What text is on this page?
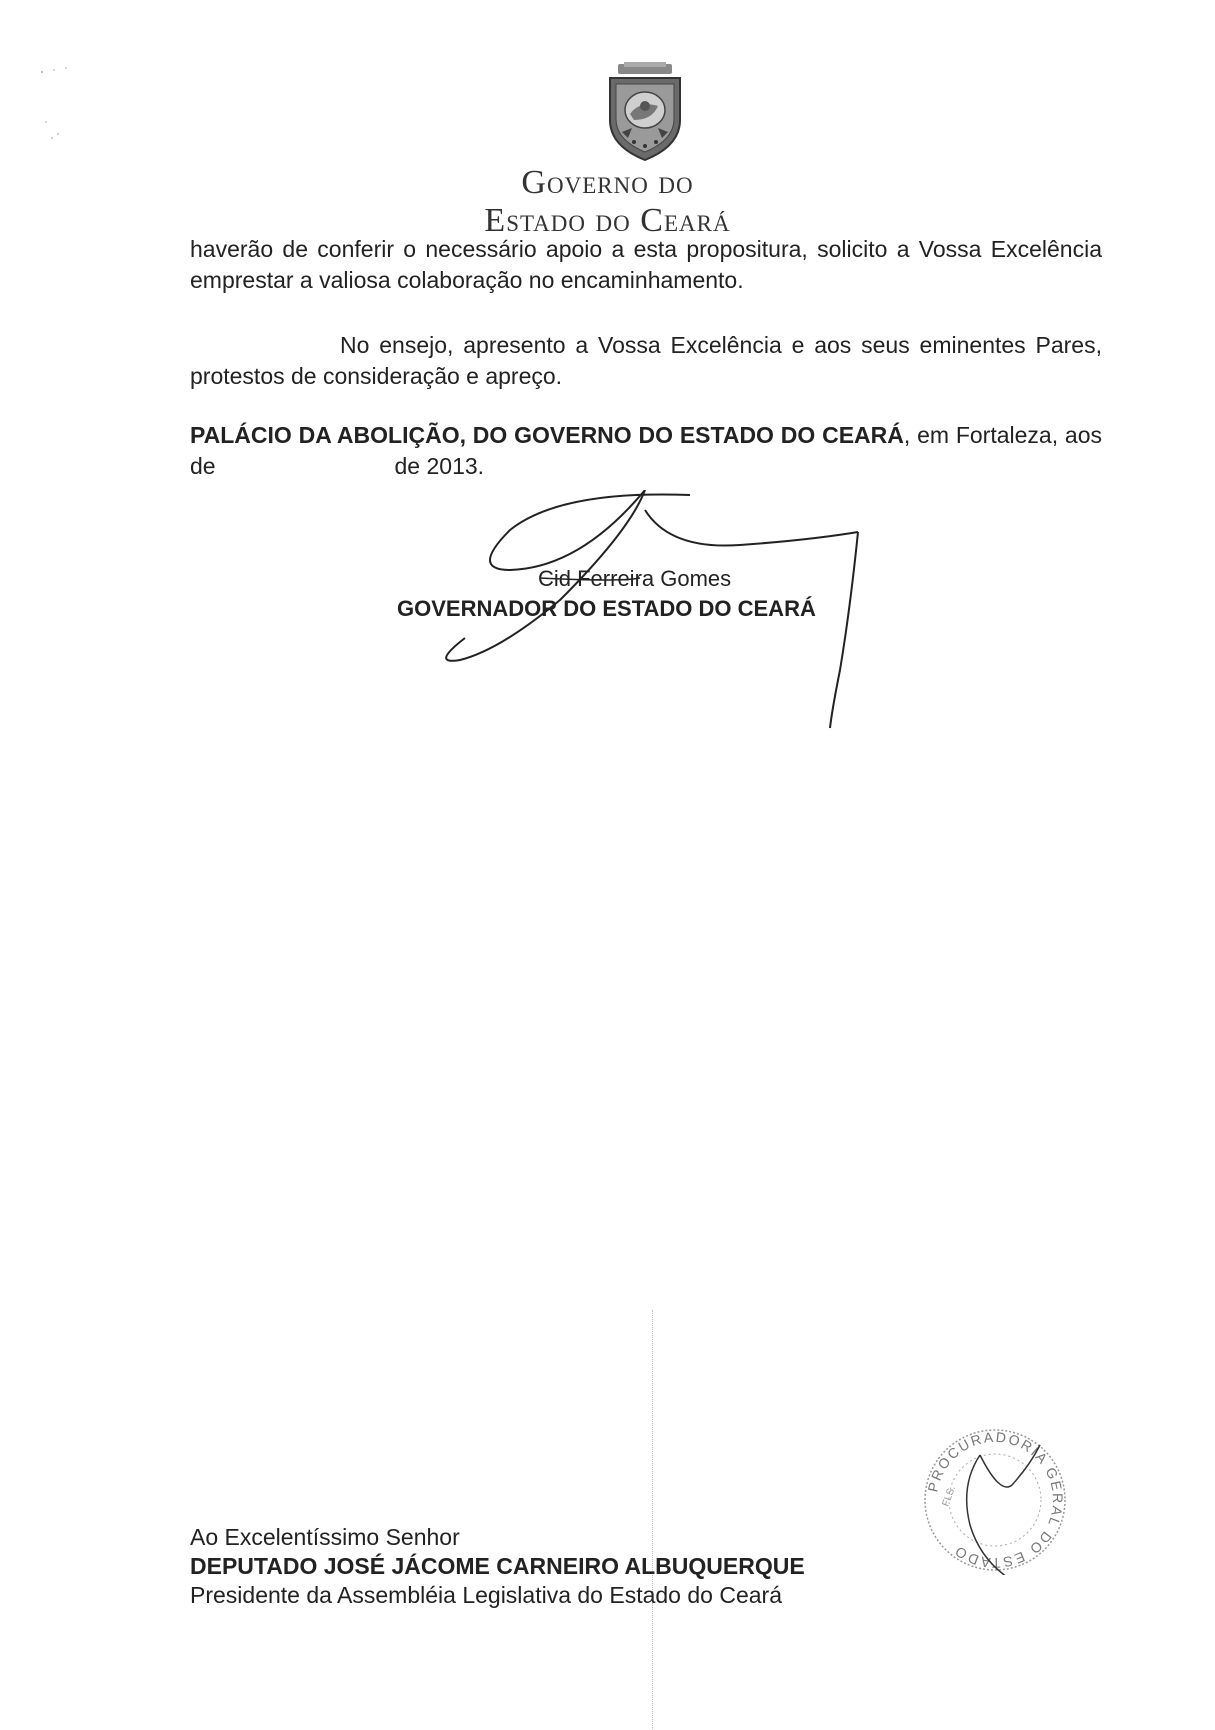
GOVERNO DO
ESTADO DO CEARÁ
haverão de conferir o necessário apoio a esta propositura, solicito a Vossa Excelência emprestar a valiosa colaboração no encaminhamento.
No ensejo, apresento a Vossa Excelência e aos seus eminentes Pares, protestos de consideração e apreço.
PALÁCIO DA ABOLIÇÃO, DO GOVERNO DO ESTADO DO CEARÁ, em Fortaleza, aos        de                            de 2013.
Cid Ferreira Gomes
GOVERNADOR DO ESTADO DO CEARÁ
Ao Excelentíssimo Senhor
DEPUTADO JOSÉ JÁCOME CARNEIRO ALBUQUERQUE
Presidente da Assembléia Legislativa do Estado do Ceará
PROCURADORIA GERAL DO ESTADO
FLS.
